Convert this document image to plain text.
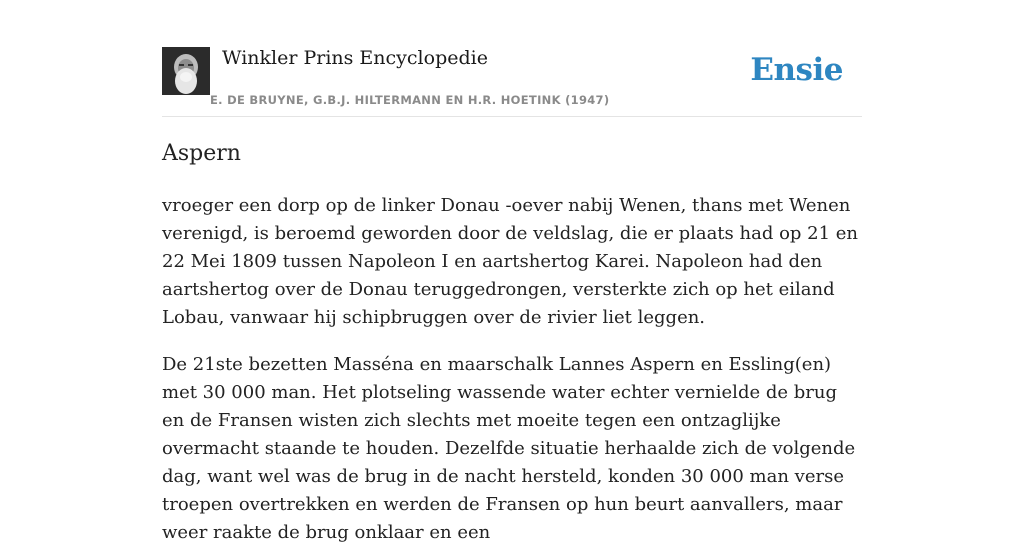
Winkler Prins Encyclopedie
E. DE BRUYNE, G.B.J. HILTERMANN EN H.R. HOETINK (1947)
Ensie
Aspern

vroeger een dorp op de linker Donau -oever nabij Wenen, thans met Wenen verenigd, is beroemd geworden door de veldslag, die er plaats had op 21 en 22 Mei 1809 tussen Napoleon I en aartshertog Karei. Napoleon had den aartshertog over de Donau teruggedrongen, versterkte zich op het eiland Lobau, vanwaar hij schipbruggen over de rivier liet leggen.

De 21ste bezetten Masséna en maarschalk Lannes Aspern en Essling(en) met 30 000 man. Het plotseling wassende water echter vernielde de brug en de Fransen wisten zich slechts met moeite tegen een ontzaglijke overmacht staande te houden. Dezelfde situatie herhaalde zich de volgende dag, want wel was de brug in de nacht hersteld, konden 30 000 man verse troepen overtrekken en werden de Fransen op hun beurt aanvallers, maar weer raakte de brug onklaar en een
